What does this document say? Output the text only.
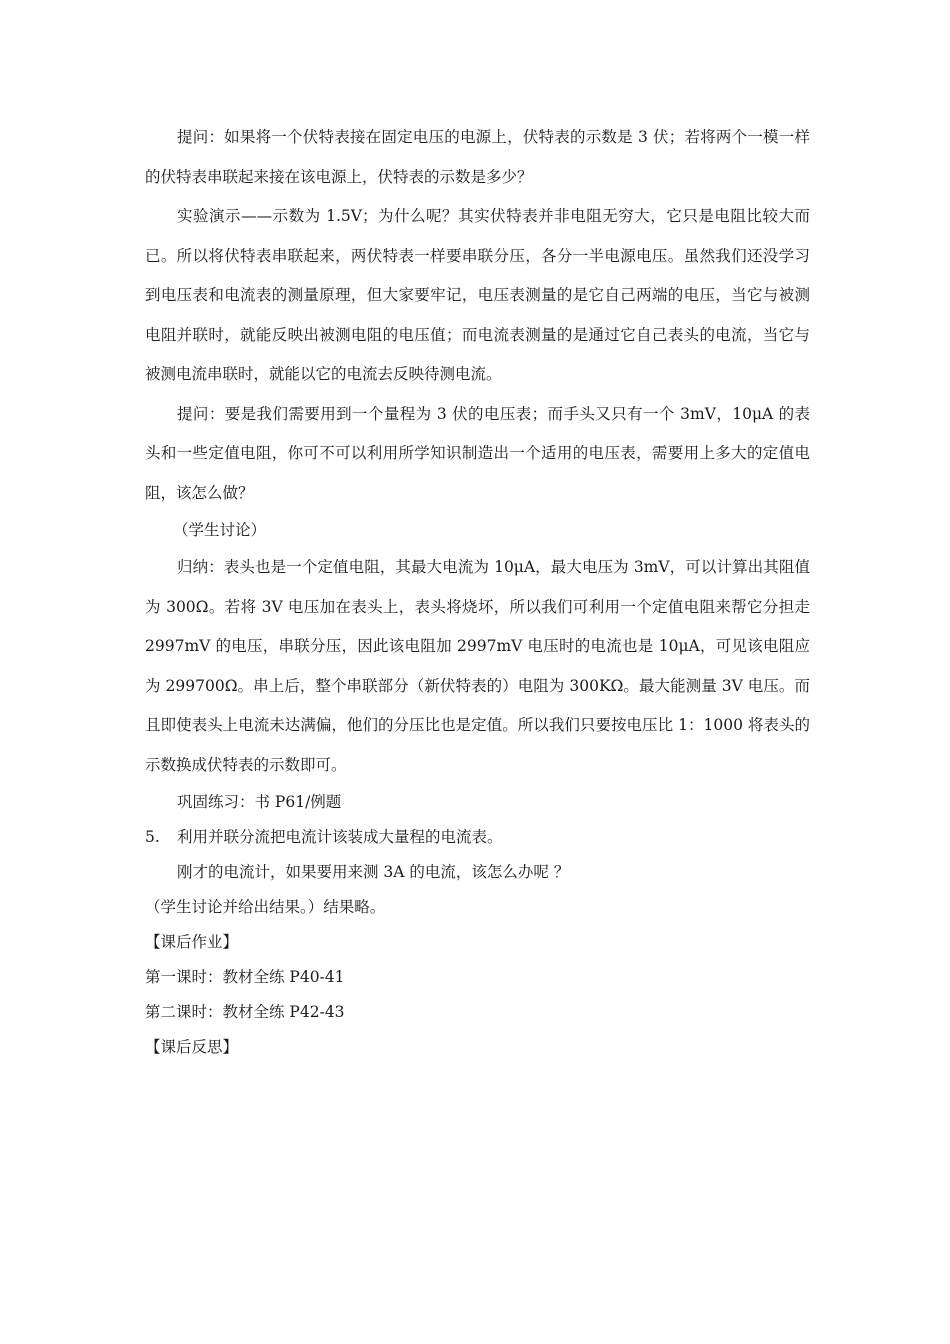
提问：如果将一个伏特表接在固定电压的电源上，伏特表的示数是 3 伏；若将两个一模一样的伏特表串联起来接在该电源上，伏特表的示数是多少？

实验演示——示数为 1.5V；为什么呢？其实伏特表并非电阻无穷大，它只是电阻比较大而已。所以将伏特表串联起来，两伏特表一样要串联分压，各分一半电源电压。虽然我们还没学习到电压表和电流表的测量原理，但大家要牢记，电压表测量的是它自己两端的电压，当它与被测电阻并联时，就能反映出被测电阻的电压值；而电流表测量的是通过它自己表头的电流，当它与被测电流串联时，就能以它的电流去反映待测电流。

提问：要是我们需要用到一个量程为 3 伏的电压表；而手头又只有一个 3mV，10μA 的表头和一些定值电阻，你可不可以利用所学知识制造出一个适用的电压表，需要用上多大的定值电阻，该怎么做？

（学生讨论）

归纳：表头也是一个定值电阻，其最大电流为 10μA，最大电压为 3mV，可以计算出其阻值为 300Ω。若将 3V 电压加在表头上，表头将烧坏，所以我们可利用一个定值电阻来帮它分担走 2997mV 的电压，串联分压，因此该电阻加 2997mV 电压时的电流也是 10μA，可见该电阻应为 299700Ω。串上后，整个串联部分（新伏特表的）电阻为 300KΩ。最大能测量 3V 电压。而且即使表头上电流未达满偏，他们的分压比也是定值。所以我们只要按电压比 1：1000 将表头的示数换成伏特表的示数即可。

巩固练习：书 P61/例题

5. 利用并联分流把电流计该装成大量程的电流表。

刚才的电流计，如果要用来测 3A 的电流，该怎么办呢 ？

（学生讨论并给出结果。）结果略。

【课后作业】

第一课时：教材全练 P40-41

第二课时：教材全练 P42-43

【课后反思】
